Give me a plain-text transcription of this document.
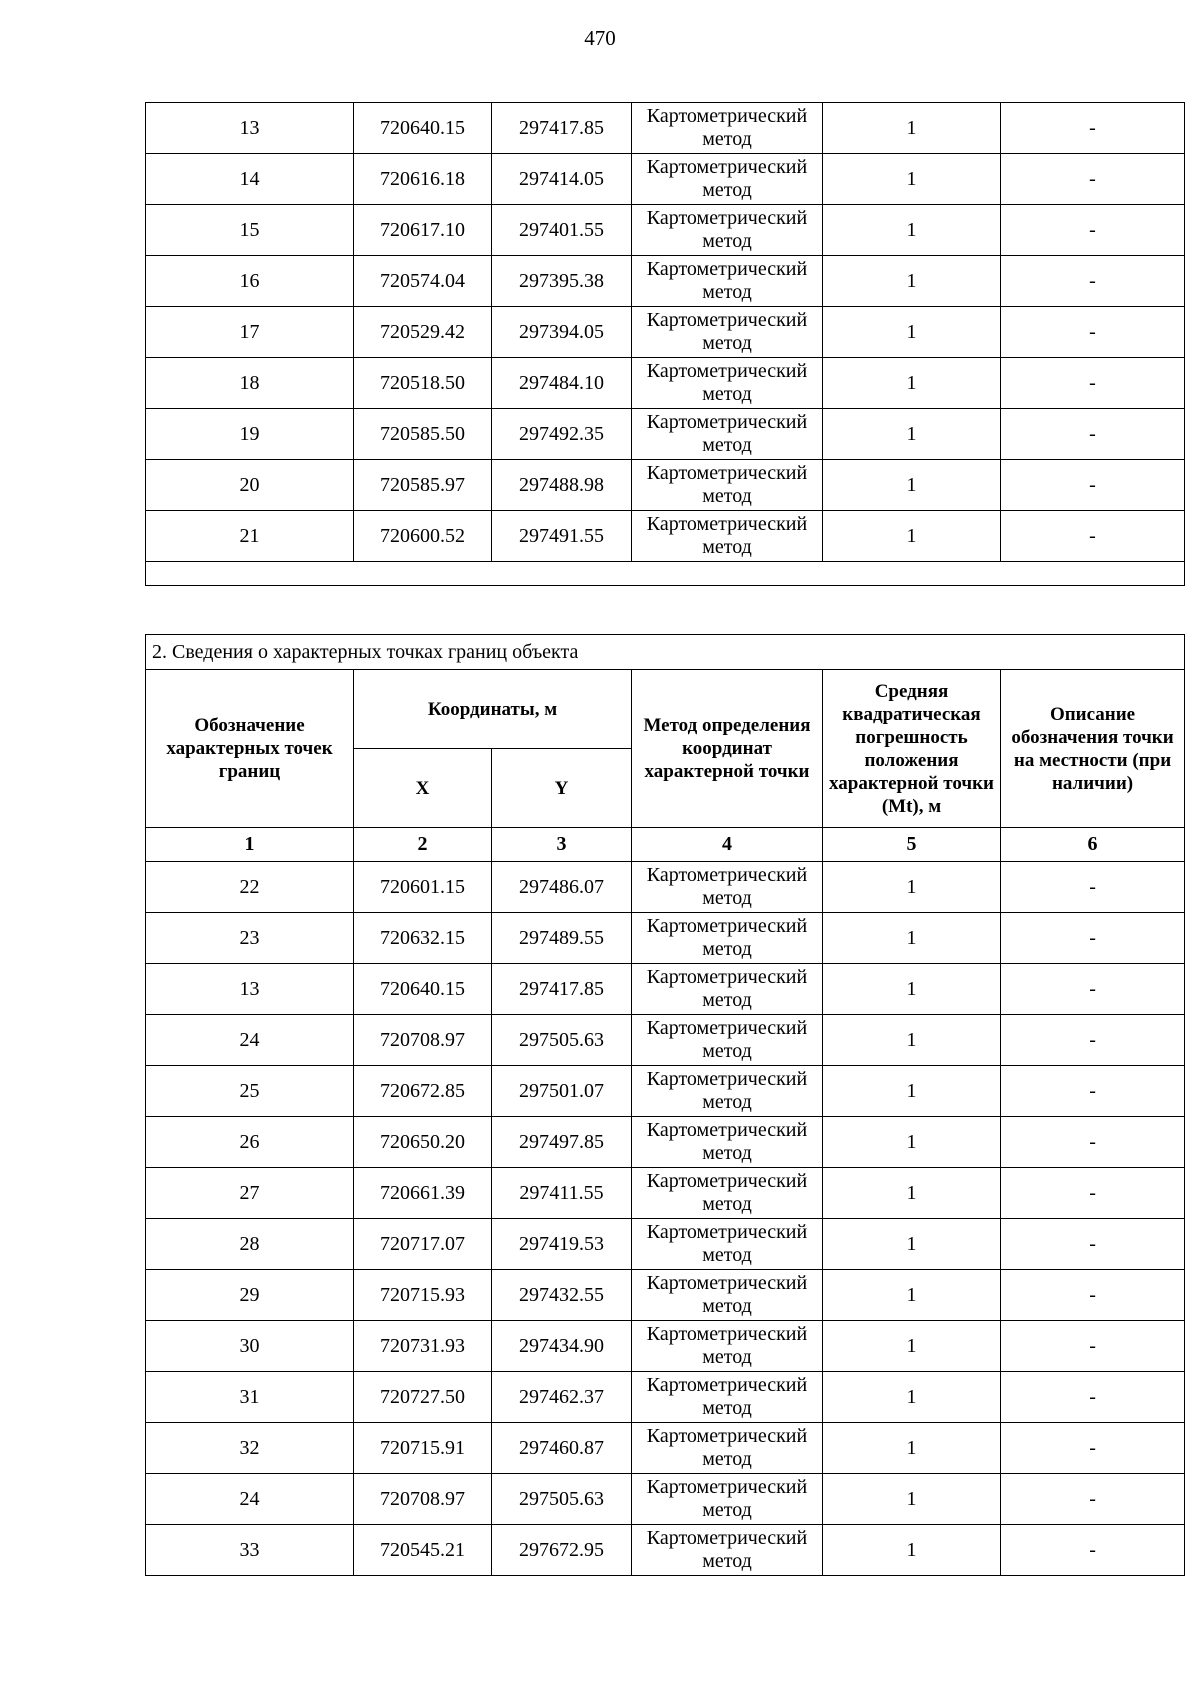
470
13	720640.15	297417.85	Картометрический метод	1	-
14	720616.18	297414.05	Картометрический метод	1	-
15	720617.10	297401.55	Картометрический метод	1	-
16	720574.04	297395.38	Картометрический метод	1	-
17	720529.42	297394.05	Картометрический метод	1	-
18	720518.50	297484.10	Картометрический метод	1	-
19	720585.50	297492.35	Картометрический метод	1	-
20	720585.97	297488.98	Картометрический метод	1	-
21	720600.52	297491.55	Картометрический метод	1	-

2. Сведения о характерных точках границ объекта					
Обозначение характерных точек границ	Координаты, м		Метод определения координат характерной точки	Средняя квадратическая погрешность положения характерной точки (Mt), м	Описание обозначения точки на местности (при наличии)
	X	Y			
1	2	3	4	5	6
22	720601.15	297486.07	Картометрический метод	1	-
23	720632.15	297489.55	Картометрический метод	1	-
13	720640.15	297417.85	Картометрический метод	1	-
24	720708.97	297505.63	Картометрический метод	1	-
25	720672.85	297501.07	Картометрический метод	1	-
26	720650.20	297497.85	Картометрический метод	1	-
27	720661.39	297411.55	Картометрический метод	1	-
28	720717.07	297419.53	Картометрический метод	1	-
29	720715.93	297432.55	Картометрический метод	1	-
30	720731.93	297434.90	Картометрический метод	1	-
31	720727.50	297462.37	Картометрический метод	1	-
32	720715.91	297460.87	Картометрический метод	1	-
24	720708.97	297505.63	Картометрический метод	1	-
33	720545.21	297672.95	Картометрический метод	1	-
